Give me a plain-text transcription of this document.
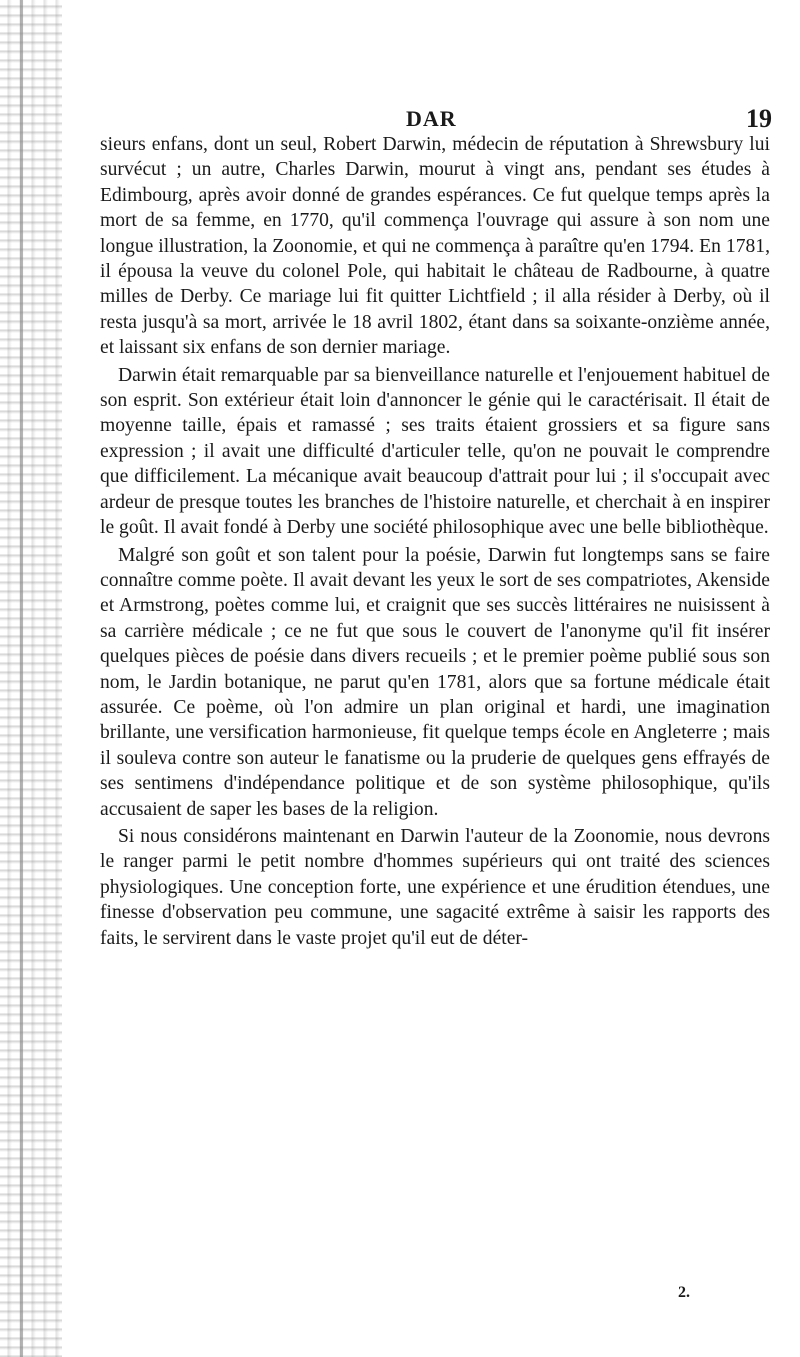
DAR	19

sieurs enfans, dont un seul, Robert Darwin, médecin de réputation à Shrewsbury lui survécut ; un autre, Charles Darwin, mourut à vingt ans, pendant ses études à Edimbourg, après avoir donné de grandes espérances. Ce fut quelque temps après la mort de sa femme, en 1770, qu'il commença l'ouvrage qui assure à son nom une longue illustration, la Zoonomie, et qui ne commença à paraître qu'en 1794. En 1781, il épousa la veuve du colonel Pole, qui habitait le château de Radbourne, à quatre milles de Derby. Ce mariage lui fit quitter Lichtfield ; il alla résider à Derby, où il resta jusqu'à sa mort, arrivée le 18 avril 1802, étant dans sa soixante-onzième année, et laissant six enfans de son dernier mariage.

Darwin était remarquable par sa bienveillance naturelle et l'enjouement habituel de son esprit. Son extérieur était loin d'annoncer le génie qui le caractérisait. Il était de moyenne taille, épais et ramassé ; ses traits étaient grossiers et sa figure sans expression ; il avait une difficulté d'articuler telle, qu'on ne pouvait le comprendre que difficilement. La mécanique avait beaucoup d'attrait pour lui ; il s'occupait avec ardeur de presque toutes les branches de l'histoire naturelle, et cherchait à en inspirer le goût. Il avait fondé à Derby une société philosophique avec une belle bibliothèque.

Malgré son goût et son talent pour la poésie, Darwin fut longtemps sans se faire connaître comme poète. Il avait devant les yeux le sort de ses compatriotes, Akenside et Armstrong, poètes comme lui, et craignit que ses succès littéraires ne nuisissent à sa carrière médicale ; ce ne fut que sous le couvert de l'anonyme qu'il fit insérer quelques pièces de poésie dans divers recueils ; et le premier poème publié sous son nom, le Jardin botanique, ne parut qu'en 1781, alors que sa fortune médicale était assurée. Ce poème, où l'on admire un plan original et hardi, une imagination brillante, une versification harmonieuse, fit quelque temps école en Angleterre ; mais il souleva contre son auteur le fanatisme ou la pruderie de quelques gens effrayés de ses sentimens d'indépendance politique et de son système philosophique, qu'ils accusaient de saper les bases de la religion.

Si nous considérons maintenant en Darwin l'auteur de la Zoonomie, nous devrons le ranger parmi le petit nombre d'hommes supérieurs qui ont traité des sciences physiologiques. Une conception forte, une expérience et une érudition étendues, une finesse d'observation peu commune, une sagacité extrême à saisir les rapports des faits, le servirent dans le vaste projet qu'il eut de déter-

2.
